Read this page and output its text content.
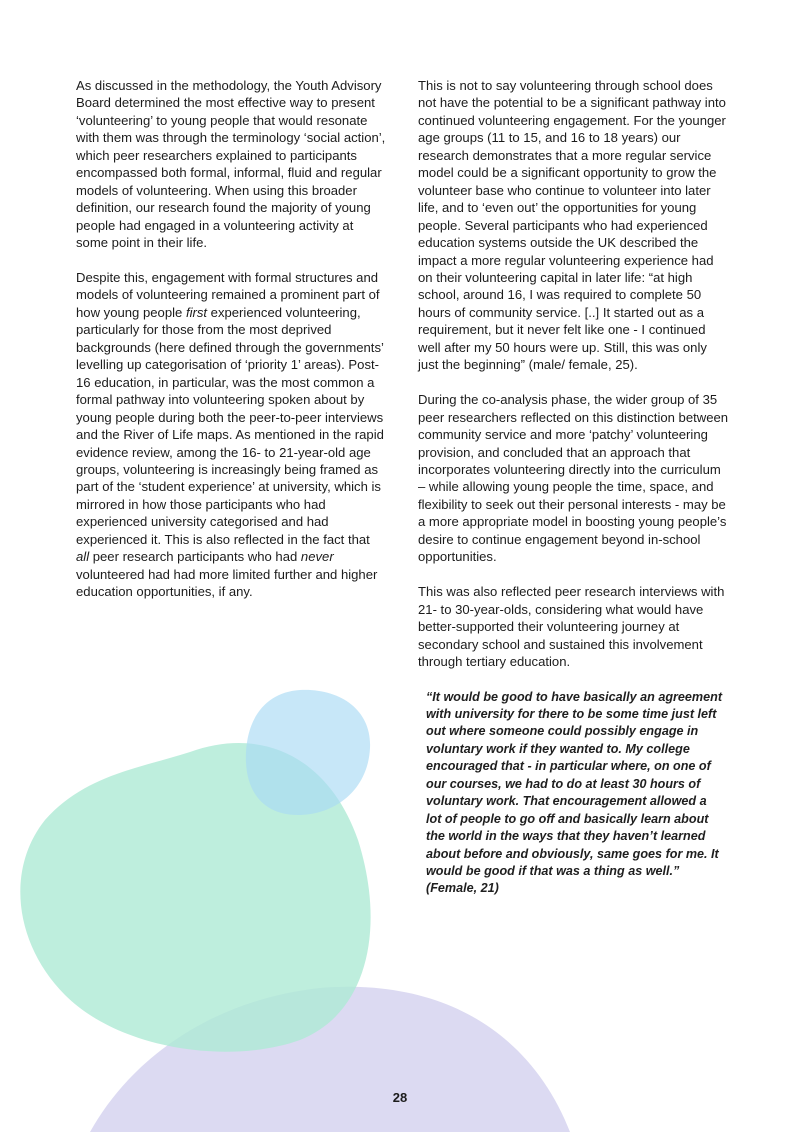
As discussed in the methodology, the Youth Advisory Board determined the most effective way to present ‘volunteering’ to young people that would resonate with them was through the terminology ‘social action’, which peer researchers explained to participants encompassed both formal, informal, fluid and regular models of volunteering. When using this broader definition, our research found the majority of young people had engaged in a volunteering activity at some point in their life.

Despite this, engagement with formal structures and models of volunteering remained a prominent part of how young people first experienced volunteering, particularly for those from the most deprived backgrounds (here defined through the governments’ levelling up categorisation of ‘priority 1’ areas). Post-16 education, in particular, was the most common a formal pathway into volunteering spoken about by young people during both the peer-to-peer interviews and the River of Life maps. As mentioned in the rapid evidence review, among the 16- to 21-year-old age groups, volunteering is increasingly being framed as part of the ‘student experience’ at university, which is mirrored in how those participants who had experienced university categorised and had experienced it. This is also reflected in the fact that all peer research participants who had never volunteered had had more limited further and higher education opportunities, if any.

This is not to say volunteering through school does not have the potential to be a significant pathway into continued volunteering engagement. For the younger age groups (11 to 15, and 16 to 18 years) our research demonstrates that a more regular service model could be a significant opportunity to grow the volunteer base who continue to volunteer into later life, and to ‘even out’ the opportunities for young people. Several participants who had experienced education systems outside the UK described the impact a more regular volunteering experience had on their volunteering capital in later life: “at high school, around 16, I was required to complete 50 hours of community service. [..] It started out as a requirement, but it never felt like one - I continued well after my 50 hours were up. Still, this was only just the beginning” (male/ female, 25).

During the co-analysis phase, the wider group of 35 peer researchers reflected on this distinction between community service and more ‘patchy’ volunteering provision, and concluded that an approach that incorporates volunteering directly into the curriculum – while allowing young people the time, space, and flexibility to seek out their personal interests - may be a more appropriate model in boosting young people’s desire to continue engagement beyond in-school opportunities.

This was also reflected peer research interviews with 21- to 30-year-olds, considering what would have better-supported their volunteering journey at secondary school and sustained this involvement through tertiary education.

“It would be good to have basically an agreement with university for there to be some time just left out where someone could possibly engage in voluntary work if they wanted to. My college encouraged that - in particular where, on one of our courses, we had to do at least 30 hours of voluntary work. That encouragement allowed a lot of people to go off and basically learn about the world in the ways that they haven’t learned about before and obviously, same goes for me. It would be good if that was a thing as well.” (Female, 21)
28
